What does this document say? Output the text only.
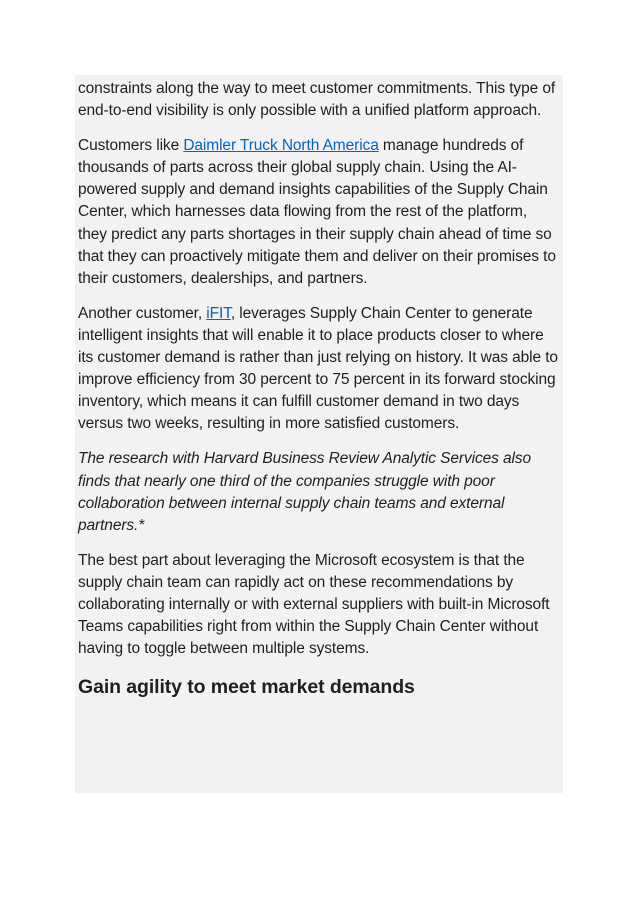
constraints along the way to meet customer commitments. This type of end-to-end visibility is only possible with a unified platform approach.

Customers like Daimler Truck North America manage hundreds of thousands of parts across their global supply chain. Using the AI-powered supply and demand insights capabilities of the Supply Chain Center, which harnesses data flowing from the rest of the platform, they predict any parts shortages in their supply chain ahead of time so that they can proactively mitigate them and deliver on their promises to their customers, dealerships, and partners.

Another customer, iFIT, leverages Supply Chain Center to generate intelligent insights that will enable it to place products closer to where its customer demand is rather than just relying on history. It was able to improve efficiency from 30 percent to 75 percent in its forward stocking inventory, which means it can fulfill customer demand in two days versus two weeks, resulting in more satisfied customers.

The research with Harvard Business Review Analytic Services also finds that nearly one third of the companies struggle with poor collaboration between internal supply chain teams and external partners.*

The best part about leveraging the Microsoft ecosystem is that the supply chain team can rapidly act on these recommendations by collaborating internally or with external suppliers with built-in Microsoft Teams capabilities right from within the Supply Chain Center without having to toggle between multiple systems.

Gain agility to meet market demands
